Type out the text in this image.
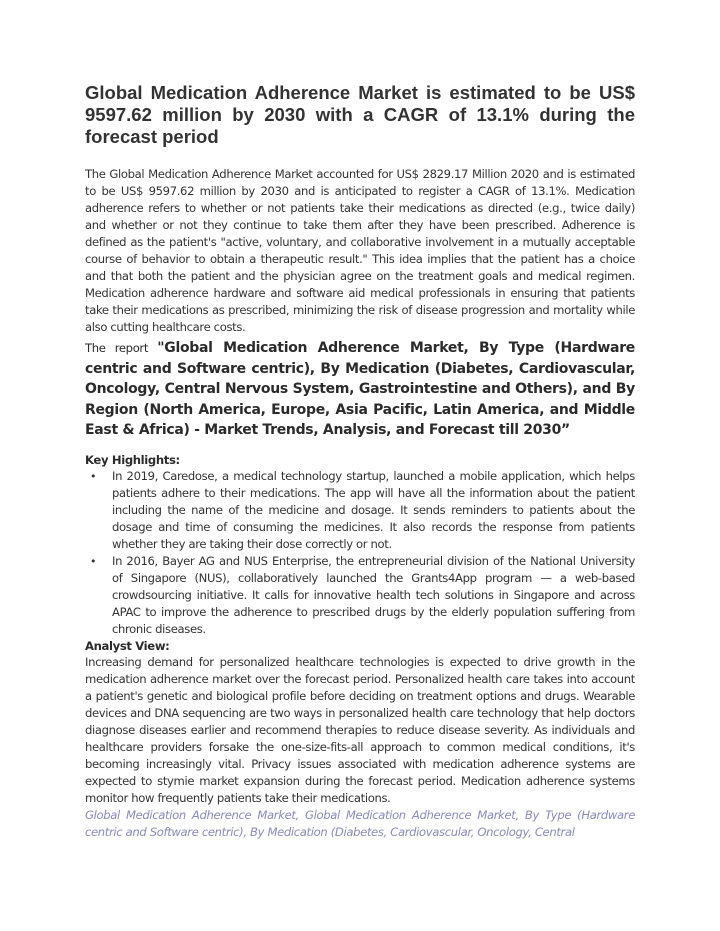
Global Medication Adherence Market is estimated to be US$ 9597.62 million by 2030 with a CAGR of 13.1% during the forecast period

The Global Medication Adherence Market accounted for US$ 2829.17 Million 2020 and is estimated to be US$ 9597.62 million by 2030 and is anticipated to register a CAGR of 13.1%. Medication adherence refers to whether or not patients take their medications as directed (e.g., twice daily) and whether or not they continue to take them after they have been prescribed. Adherence is defined as the patient's "active, voluntary, and collaborative involvement in a mutually acceptable course of behavior to obtain a therapeutic result." This idea implies that the patient has a choice and that both the patient and the physician agree on the treatment goals and medical regimen. Medication adherence hardware and software aid medical professionals in ensuring that patients take their medications as prescribed, minimizing the risk of disease progression and mortality while also cutting healthcare costs.

The report "Global Medication Adherence Market, By Type (Hardware centric and Software centric), By Medication (Diabetes, Cardiovascular, Oncology, Central Nervous System, Gastrointestine and Others), and By Region (North America, Europe, Asia Pacific, Latin America, and Middle East & Africa) - Market Trends, Analysis, and Forecast till 2030”

Key Highlights:

• In 2019, Caredose, a medical technology startup, launched a mobile application, which helps patients adhere to their medications. The app will have all the information about the patient including the name of the medicine and dosage. It sends reminders to patients about the dosage and time of consuming the medicines. It also records the response from patients whether they are taking their dose correctly or not.
• In 2016, Bayer AG and NUS Enterprise, the entrepreneurial division of the National University of Singapore (NUS), collaboratively launched the Grants4App program — a web-based crowdsourcing initiative. It calls for innovative health tech solutions in Singapore and across APAC to improve the adherence to prescribed drugs by the elderly population suffering from chronic diseases.

Analyst View:

Increasing demand for personalized healthcare technologies is expected to drive growth in the medication adherence market over the forecast period. Personalized health care takes into account a patient's genetic and biological profile before deciding on treatment options and drugs. Wearable devices and DNA sequencing are two ways in personalized health care technology that help doctors diagnose diseases earlier and recommend therapies to reduce disease severity. As individuals and healthcare providers forsake the one-size-fits-all approach to common medical conditions, it's becoming increasingly vital. Privacy issues associated with medication adherence systems are expected to stymie market expansion during the forecast period. Medication adherence systems monitor how frequently patients take their medications.

Global Medication Adherence Market, Global Medication Adherence Market, By Type (Hardware centric and Software centric), By Medication (Diabetes, Cardiovascular, Oncology, Central
